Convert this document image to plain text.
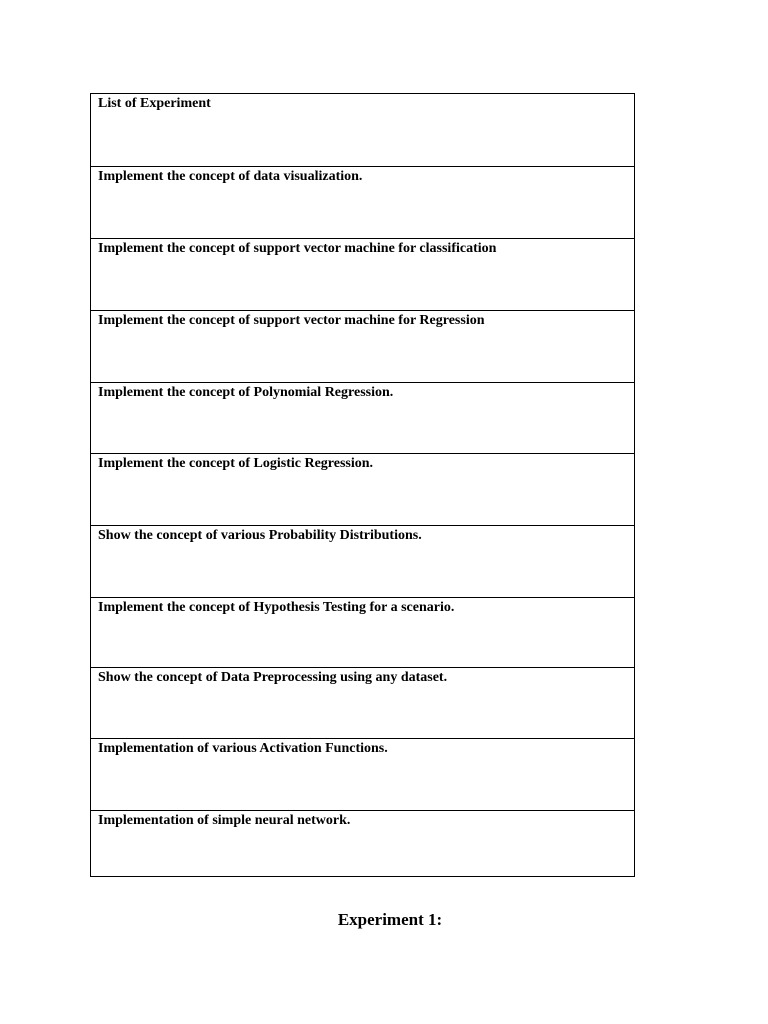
List of Experiment
Implement the concept of data visualization.
Implement the concept of support vector machine for classification
Implement the concept of support vector machine for Regression
Implement the concept of Polynomial Regression.
Implement the concept of Logistic Regression.
Show the concept of various Probability Distributions.
Implement the concept of Hypothesis Testing for a scenario.
Show the concept of Data Preprocessing using any dataset.
Implementation of various Activation Functions.
Implementation of simple neural network.
Experiment 1:
